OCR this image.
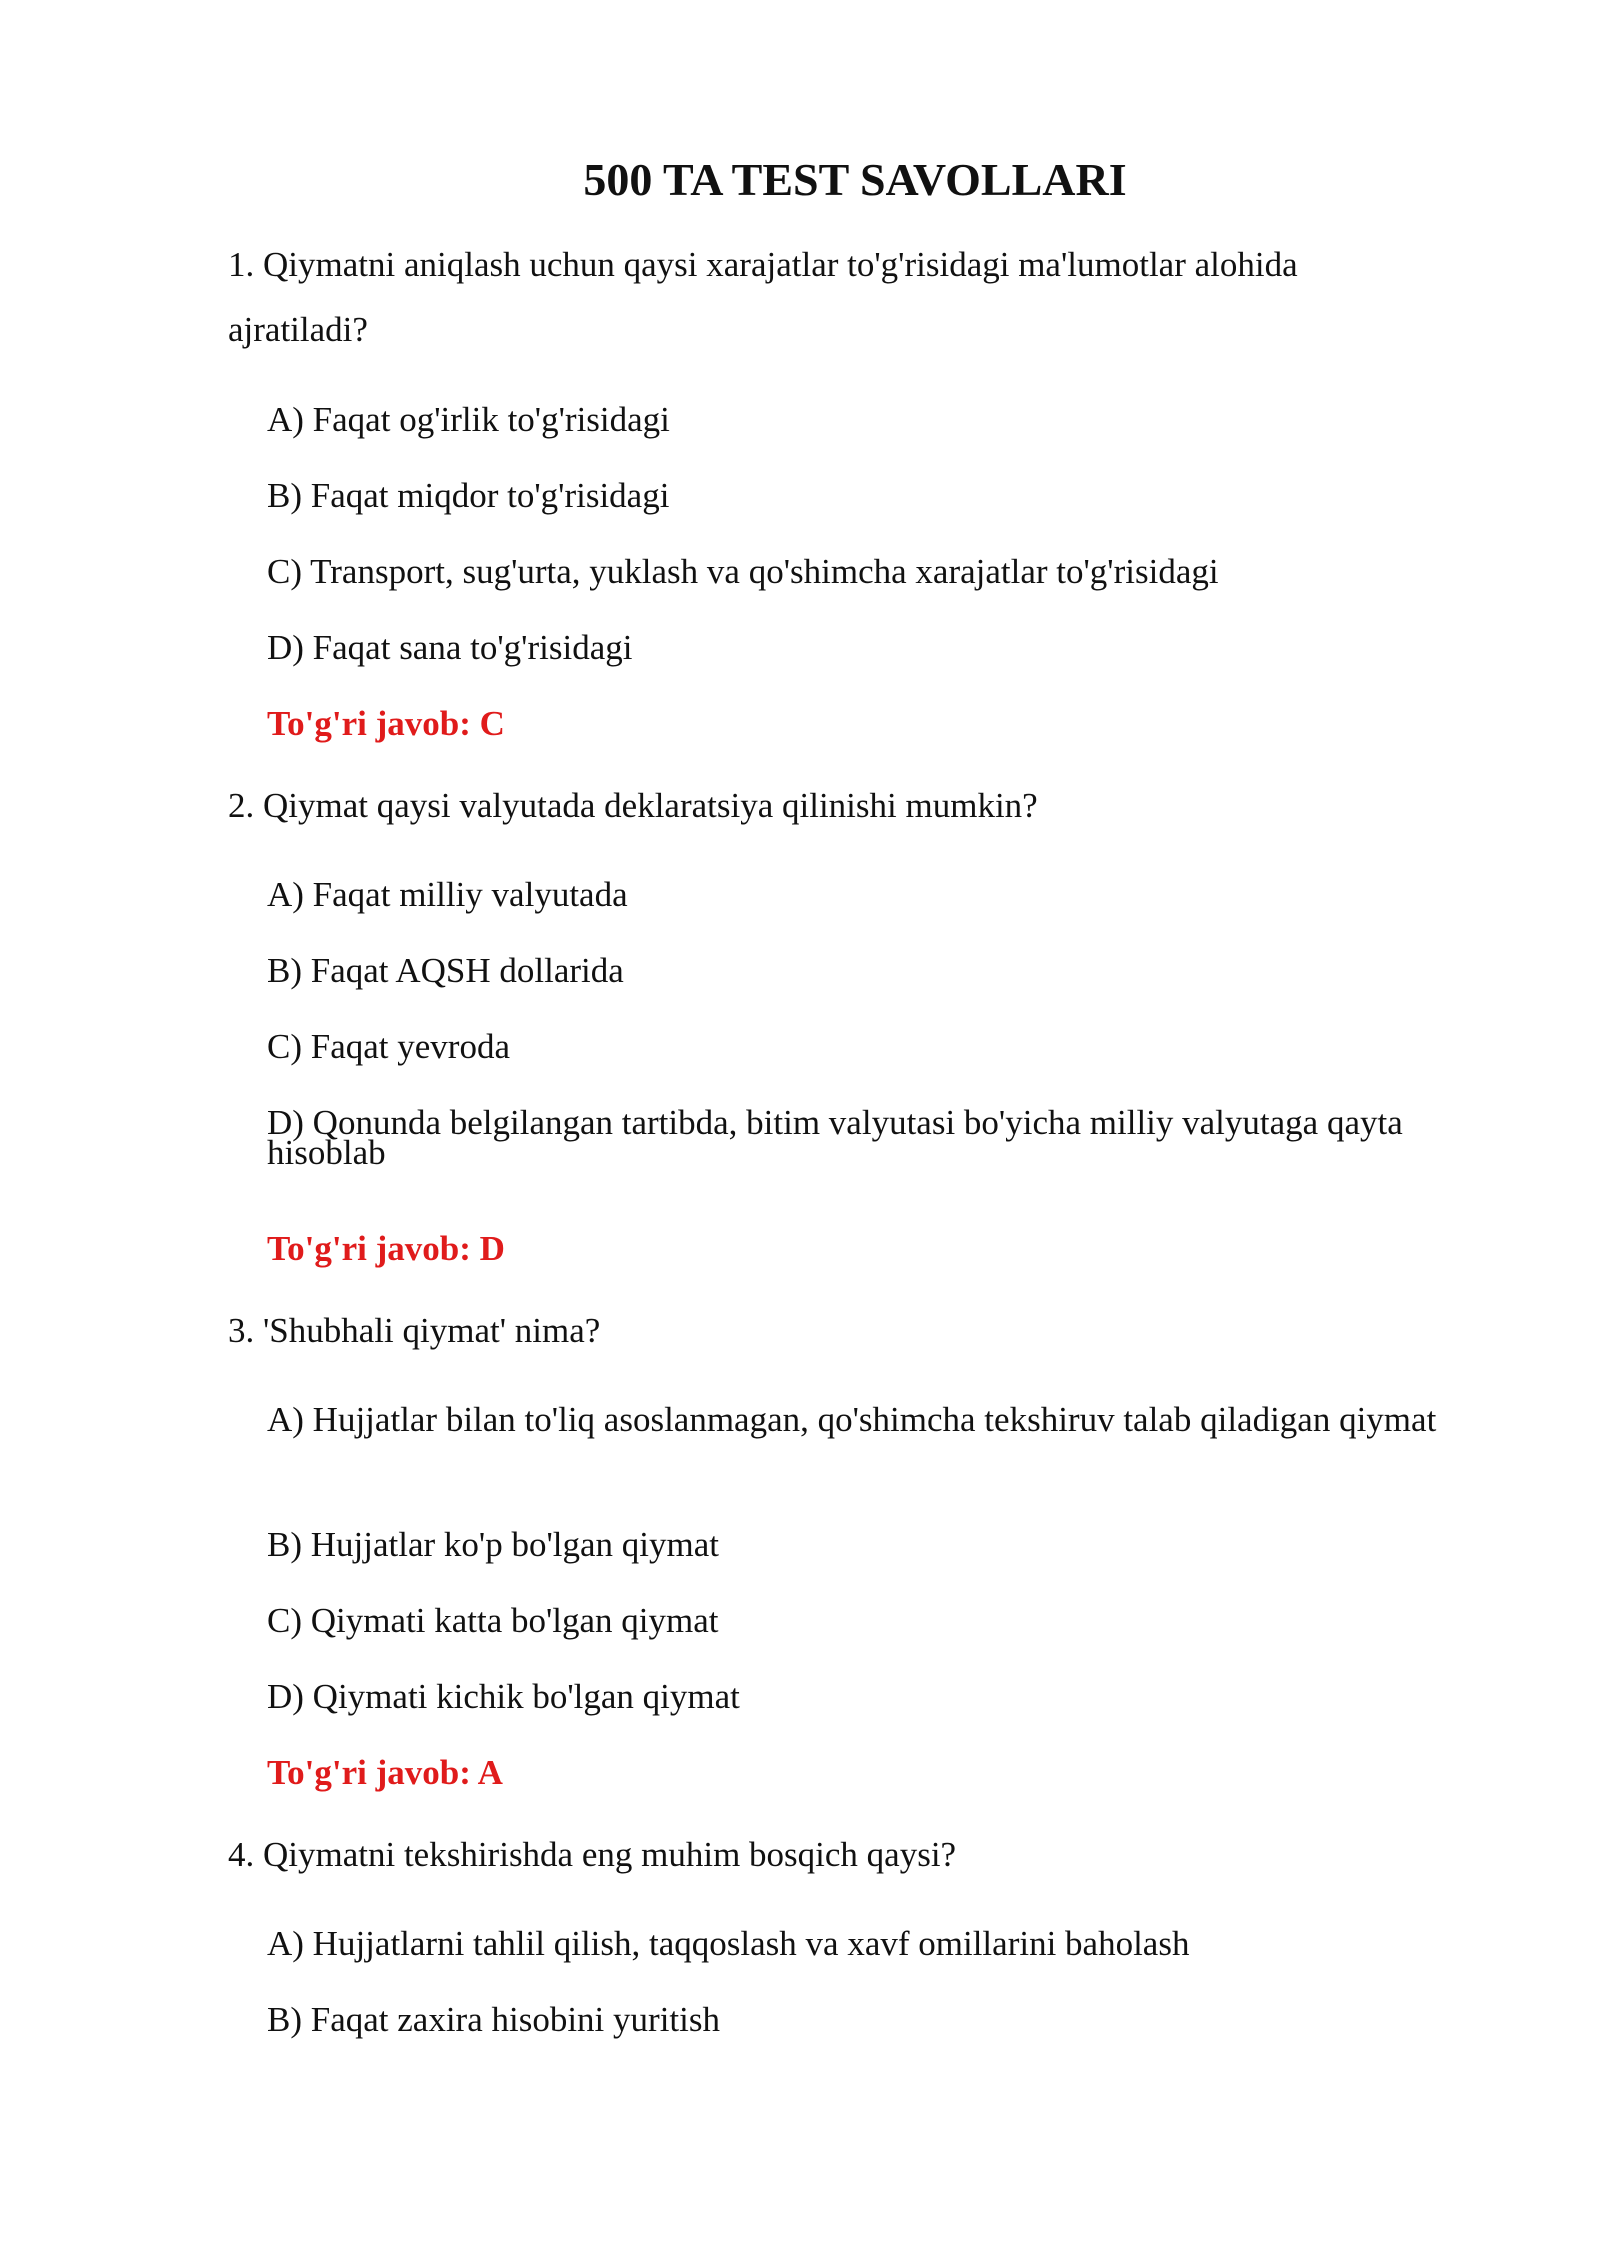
500 TA TEST SAVOLLARI

1. Qiymatni aniqlash uchun qaysi xarajatlar to'g'risidagi ma'lumotlar alohida ajratiladi?

A) Faqat og'irlik to'g'risidagi

B) Faqat miqdor to'g'risidagi

C) Transport, sug'urta, yuklash va qo'shimcha xarajatlar to'g'risidagi

D) Faqat sana to'g'risidagi

To'g'ri javob: C

2. Qiymat qaysi valyutada deklaratsiya qilinishi mumkin?

A) Faqat milliy valyutada

B) Faqat AQSH dollarida

C) Faqat yevroda

D) Qonunda belgilangan tartibda, bitim valyutasi bo'yicha milliy valyutaga qayta hisoblab

To'g'ri javob: D

3. 'Shubhali qiymat' nima?

A) Hujjatlar bilan to'liq asoslanmagan, qo'shimcha tekshiruv talab qiladigan qiymat

B) Hujjatlar ko'p bo'lgan qiymat

C) Qiymati katta bo'lgan qiymat

D) Qiymati kichik bo'lgan qiymat

To'g'ri javob: A

4. Qiymatni tekshirishda eng muhim bosqich qaysi?

A) Hujjatlarni tahlil qilish, taqqoslash va xavf omillarini baholash

B) Faqat zaxira hisobini yuritish
